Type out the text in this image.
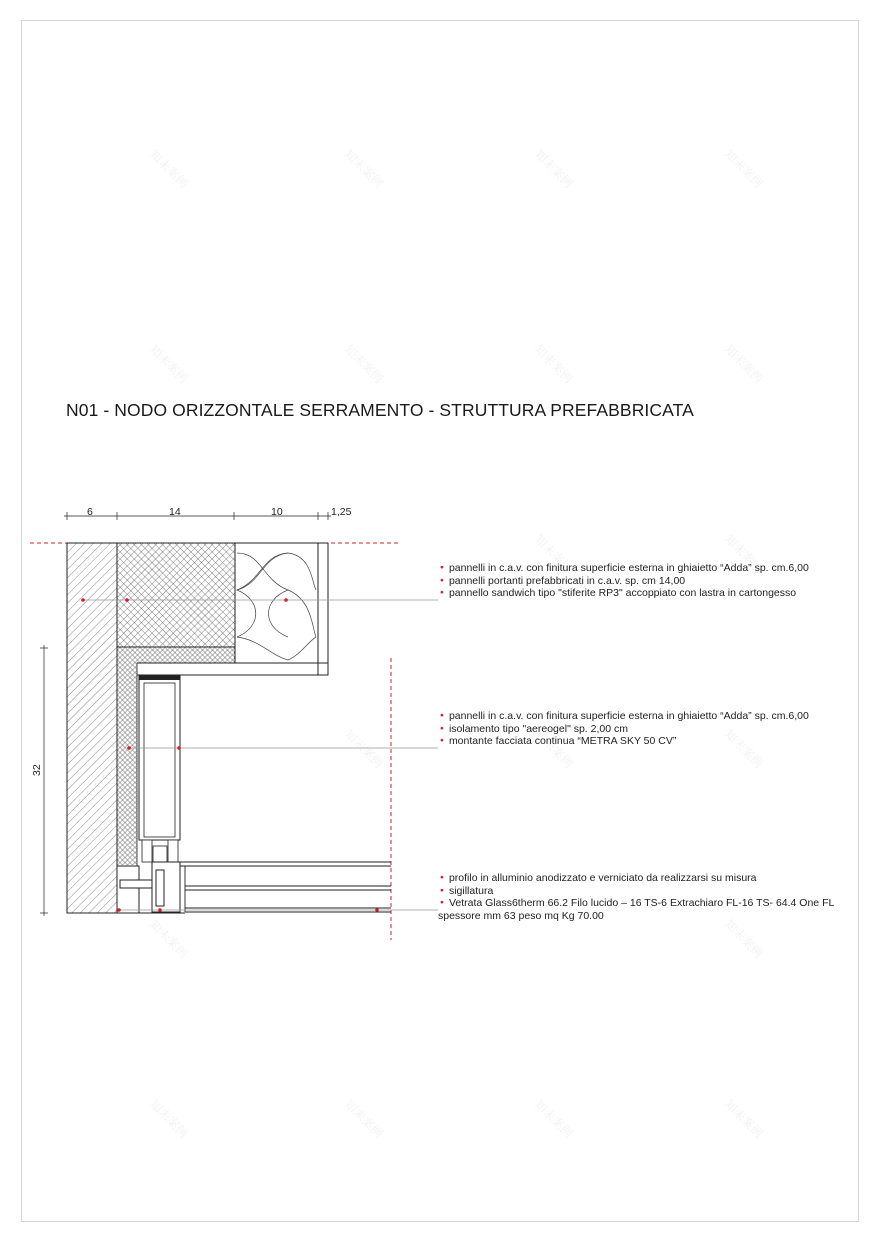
知未案例	知未案例	知未案例	知未案例
知未案例	知未案例	知未案例	知未案例
知未案例	知未案例
知未案例	知未案例	知未案例
知未案例	知未案例
知未案例	知未案例	知未案例	知未案例
N01 - NODO ORIZZONTALE SERRAMENTO - STRUTTURA PREFABBRICATA
6	14	10	1,25
32
● pannelli in c.a.v. con finitura superficie esterna in ghiaietto “Adda” sp. cm.6,00
● pannelli portanti prefabbricati in c.a.v. sp. cm 14,00
● pannello sandwich tipo "stiferite RP3" accoppiato con lastra in cartongesso
● pannelli in c.a.v. con finitura superficie esterna in ghiaietto “Adda” sp. cm.6,00
● isolamento tipo "aereogel" sp. 2,00 cm
● montante facciata continua “METRA SKY 50 CV”
● profilo in alluminio anodizzato e verniciato da realizzarsi su misura
● sigillatura
● Vetrata Glass6therm 66.2 Filo lucido – 16 TS-6 Extrachiaro FL-16 TS- 64.4 One FL
spessore mm 63 peso mq Kg 70.00
